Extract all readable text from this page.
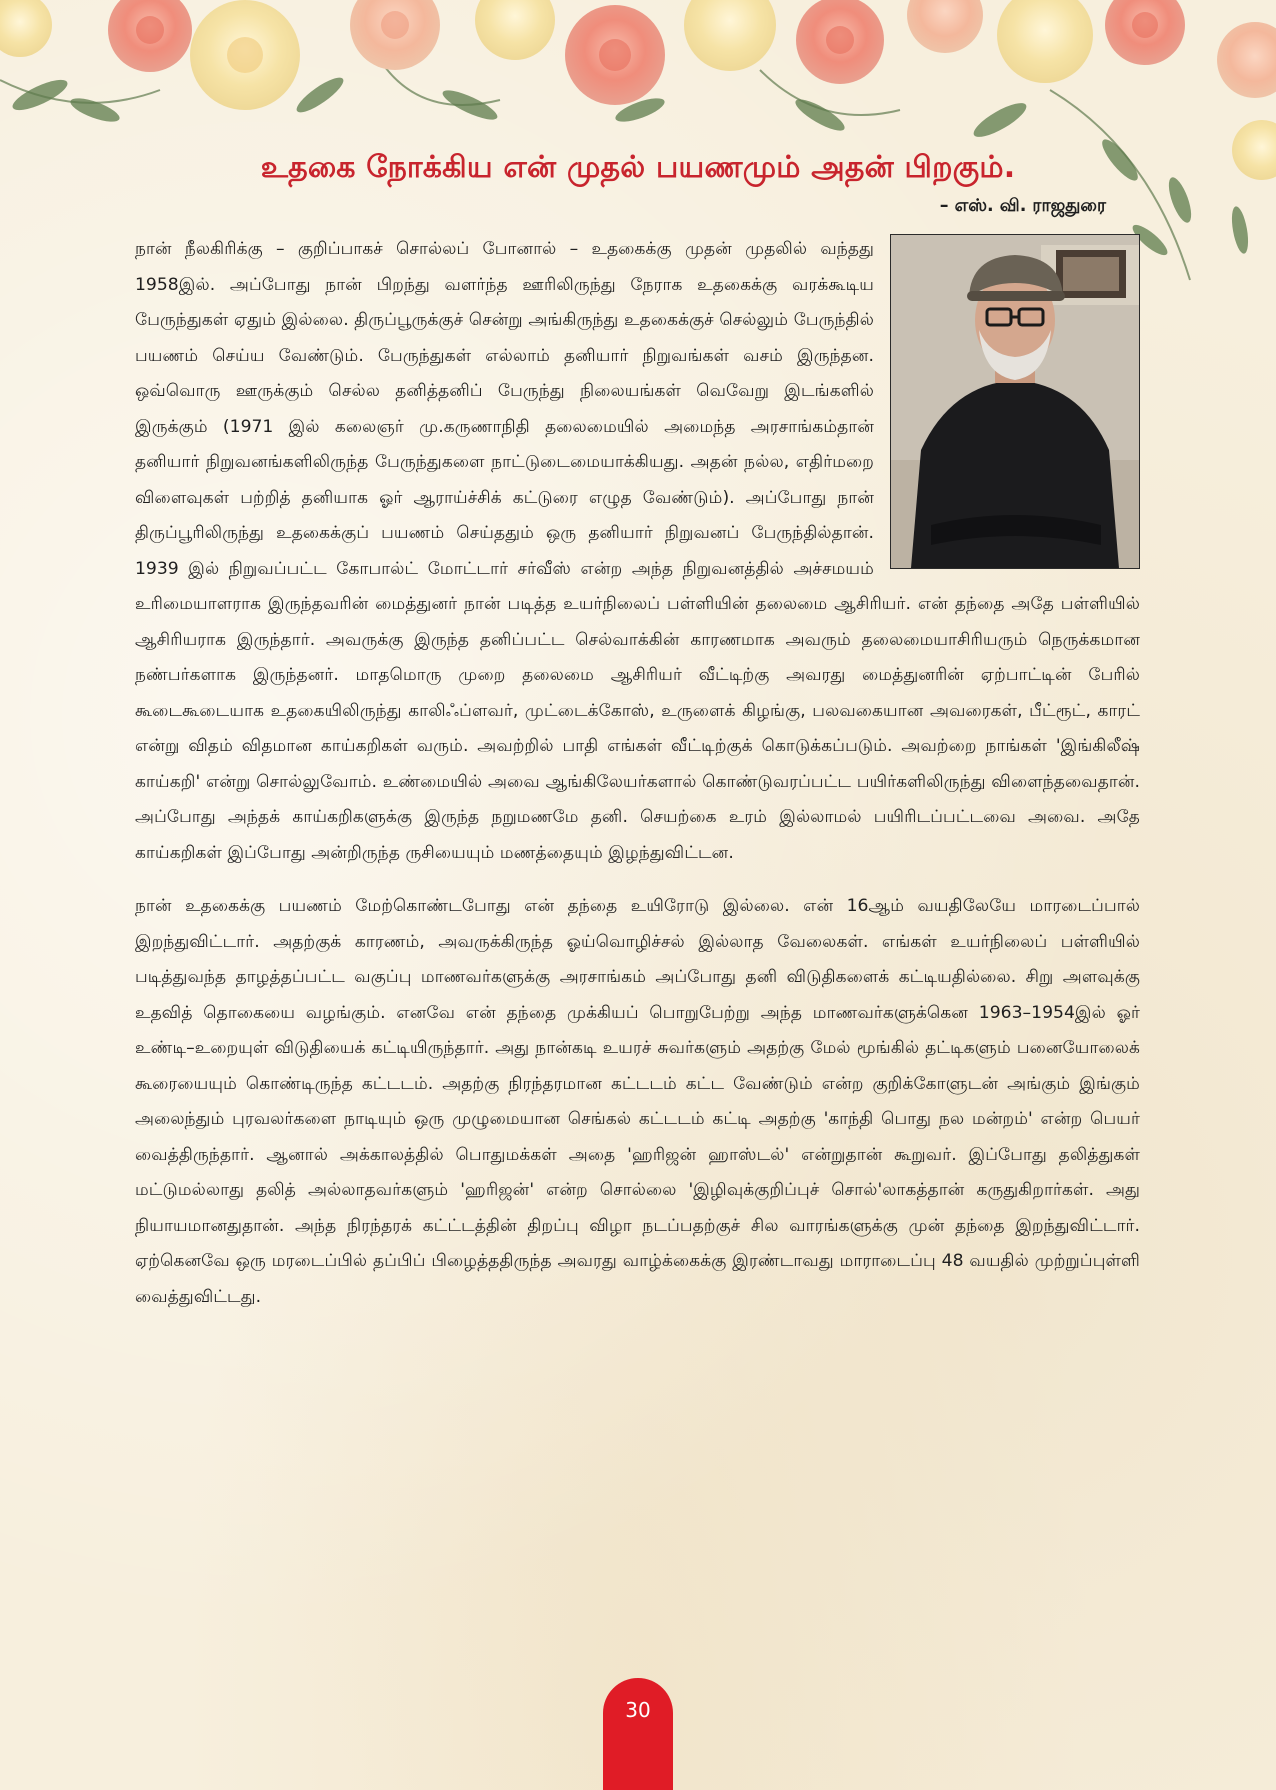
உதகை நோக்கிய என் முதல் பயணமும் அதன் பிறகும்.
– எஸ். வி. ராஜதுரை

நான் நீலகிரிக்கு – குறிப்பாகச் சொல்லப் போனால் – உதகைக்கு முதன் முதலில் வந்தது 1958இல். அப்போது நான் பிறந்து வளர்ந்த ஊரிலிருந்து நேராக உதகைக்கு வரக்கூடிய பேருந்துகள் ஏதும் இல்லை. திருப்பூருக்குச் சென்று அங்கிருந்து உதகைக்குச் செல்லும் பேருந்தில் பயணம் செய்ய வேண்டும். பேருந்துகள் எல்லாம் தனியார் நிறுவங்கள் வசம் இருந்தன. ஒவ்வொரு ஊருக்கும் செல்ல தனித்தனிப் பேருந்து நிலையங்கள் வெவேறு இடங்களில் இருக்கும் (1971 இல் கலைஞர் மு.கருணாநிதி தலைமையில் அமைந்த அரசாங்கம்தான் தனியார் நிறுவனங்களிலிருந்த பேருந்துகளை நாட்டுடைமையாக்கியது. அதன் நல்ல, எதிர்மறை விளைவுகள் பற்றித் தனியாக ஓர் ஆராய்ச்சிக் கட்டுரை எழுத வேண்டும்). அப்போது நான் திருப்பூரிலிருந்து உதகைக்குப் பயணம் செய்ததும் ஒரு தனியார் நிறுவனப் பேருந்தில்தான். 1939 இல் நிறுவப்பட்ட கோபால்ட் மோட்டார் சர்வீஸ் என்ற அந்த நிறுவனத்தில் அச்சமயம் உரிமையாளராக இருந்தவரின் மைத்துனர் நான் படித்த உயர்நிலைப் பள்ளியின் தலைமை ஆசிரியர். என் தந்தை அதே பள்ளியில் ஆசிரியராக இருந்தார். அவருக்கு இருந்த தனிப்பட்ட செல்வாக்கின் காரணமாக அவரும் தலைமையாசிரியரும் நெருக்கமான நண்பர்களாக இருந்தனர். மாதமொரு முறை தலைமை ஆசிரியர் வீட்டிற்கு அவரது மைத்துனரின் ஏற்பாட்டின் பேரில் கூடைகூடையாக உதகையிலிருந்து காலிஃப்ளவர், முட்டைக்கோஸ், உருளைக் கிழங்கு, பலவகையான அவரைகள், பீட்ரூட், காரட் என்று விதம் விதமான காய்கறிகள் வரும். அவற்றில் பாதி எங்கள் வீட்டிற்குக் கொடுக்கப்படும். அவற்றை நாங்கள் 'இங்கிலீஷ் காய்கறி' என்று சொல்லுவோம். உண்மையில் அவை ஆங்கிலேயர்களால் கொண்டுவரப்பட்ட பயிர்களிலிருந்து விளைந்தவைதான். அப்போது அந்தக் காய்கறிகளுக்கு இருந்த நறுமணமே தனி. செயற்கை உரம் இல்லாமல் பயிரிடப்பட்டவை அவை. அதே காய்கறிகள் இப்போது அன்றிருந்த ருசியையும் மணத்தையும் இழந்துவிட்டன.

நான் உதகைக்கு பயணம் மேற்கொண்டபோது என் தந்தை உயிரோடு இல்லை. என் 16ஆம் வயதிலேயே மாரடைப்பால் இறந்துவிட்டார். அதற்குக் காரணம், அவருக்கிருந்த ஓய்வொழிச்சல் இல்லாத வேலைகள். எங்கள் உயர்நிலைப் பள்ளியில் படித்துவந்த தாழத்தப்பட்ட வகுப்பு மாணவர்களுக்கு அரசாங்கம் அப்போது தனி விடுதிகளைக் கட்டியதில்லை. சிறு அளவுக்கு உதவித் தொகையை வழங்கும். எனவே என் தந்தை முக்கியப் பொறுபேற்று அந்த மாணவர்களுக்கென 1963–1954இல் ஓர் உண்டி–உறையுள் விடுதியைக் கட்டியிருந்தார். அது நான்கடி உயரச் சுவர்களும் அதற்கு மேல் மூங்கில் தட்டிகளும் பனையோலைக் கூரையையும் கொண்டிருந்த கட்டடம். அதற்கு நிரந்தரமான கட்டடம் கட்ட வேண்டும் என்ற குறிக்கோளுடன் அங்கும் இங்கும் அலைந்தும் புரவலர்களை நாடியும் ஒரு முழுமையான செங்கல் கட்டடம் கட்டி அதற்கு 'காந்தி பொது நல மன்றம்' என்ற பெயர் வைத்திருந்தார். ஆனால் அக்காலத்தில் பொதுமக்கள் அதை 'ஹரிஜன் ஹாஸ்டல்' என்றுதான் கூறுவர். இப்போது தலித்துகள் மட்டுமல்லாது தலித் அல்லாதவர்களும் 'ஹரிஜன்' என்ற சொல்லை 'இழிவுக்குறிப்புச் சொல்'லாகத்தான் கருதுகிறார்கள். அது நியாயமானதுதான். அந்த நிரந்தரக் கட்ட்டத்தின் திறப்பு விழா நடப்பதற்குச் சில வாரங்களுக்கு முன் தந்தை இறந்துவிட்டார். ஏற்கெனவே ஒரு மரடைப்பில் தப்பிப் பிழைத்ததிருந்த அவரது வாழ்க்கைக்கு இரண்டாவது மாராடைப்பு 48 வயதில் முற்றுப்புள்ளி வைத்துவிட்டது.

30
